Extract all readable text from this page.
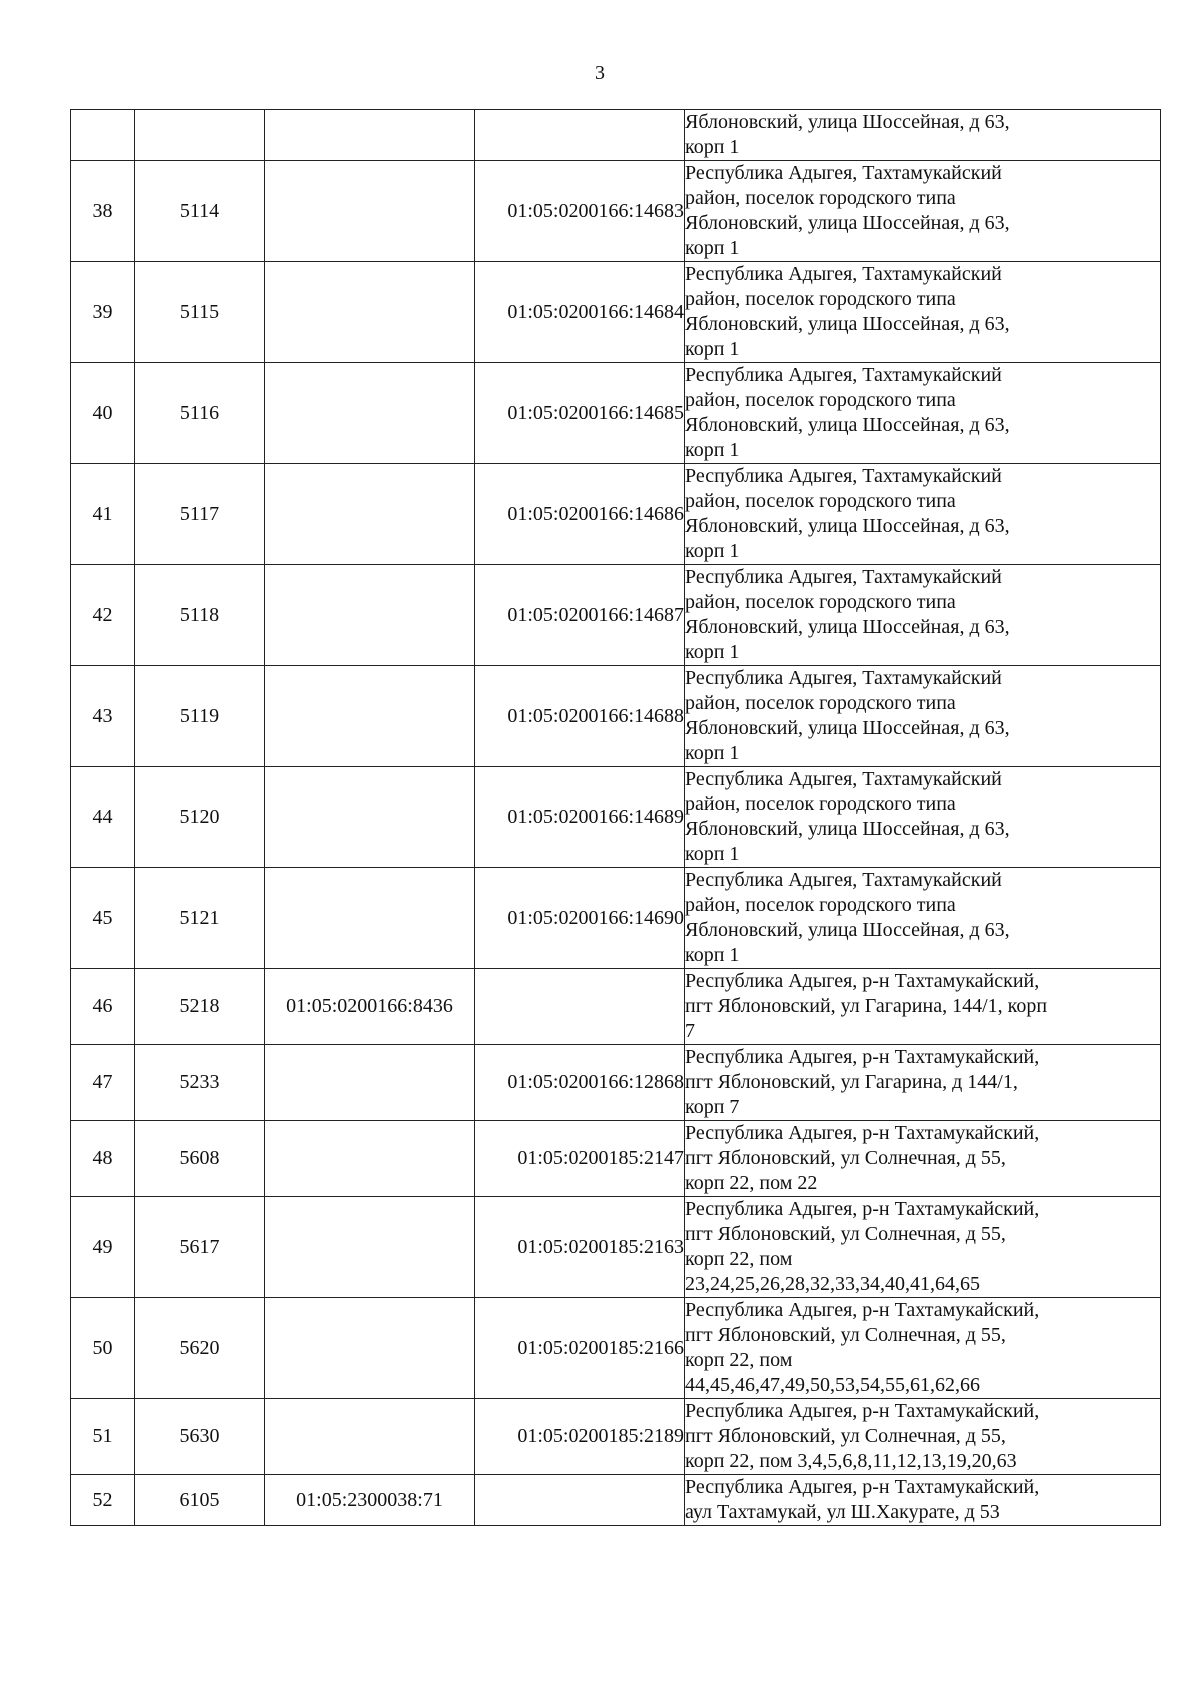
3

				Яблоновский, улица Шоссейная, д 63,
корп 1

38	5114		01:05:0200166:14683	Республика Адыгея, Тахтамукайский
район, поселок городского типа
Яблоновский, улица Шоссейная, д 63,
корп 1

39	5115		01:05:0200166:14684	Республика Адыгея, Тахтамукайский
район, поселок городского типа
Яблоновский, улица Шоссейная, д 63,
корп 1

40	5116		01:05:0200166:14685	Республика Адыгея, Тахтамукайский
район, поселок городского типа
Яблоновский, улица Шоссейная, д 63,
корп 1

41	5117		01:05:0200166:14686	Республика Адыгея, Тахтамукайский
район, поселок городского типа
Яблоновский, улица Шоссейная, д 63,
корп 1

42	5118		01:05:0200166:14687	Республика Адыгея, Тахтамукайский
район, поселок городского типа
Яблоновский, улица Шоссейная, д 63,
корп 1

43	5119		01:05:0200166:14688	Республика Адыгея, Тахтамукайский
район, поселок городского типа
Яблоновский, улица Шоссейная, д 63,
корп 1

44	5120		01:05:0200166:14689	Республика Адыгея, Тахтамукайский
район, поселок городского типа
Яблоновский, улица Шоссейная, д 63,
корп 1

45	5121		01:05:0200166:14690	Республика Адыгея, Тахтамукайский
район, поселок городского типа
Яблоновский, улица Шоссейная, д 63,
корп 1

46	5218	01:05:0200166:8436		Республика Адыгея, р-н Тахтамукайский,
пгт Яблоновский, ул Гагарина, 144/1, корп
7

47	5233		01:05:0200166:12868	Республика Адыгея, р-н Тахтамукайский,
пгт Яблоновский, ул Гагарина, д 144/1,
корп 7

48	5608		01:05:0200185:2147	Республика Адыгея, р-н Тахтамукайский,
пгт Яблоновский, ул Солнечная, д 55,
корп 22, пом 22

49	5617		01:05:0200185:2163	Республика Адыгея, р-н Тахтамукайский,
пгт Яблоновский, ул Солнечная, д 55,
корп 22, пом
23,24,25,26,28,32,33,34,40,41,64,65

50	5620		01:05:0200185:2166	Республика Адыгея, р-н Тахтамукайский,
пгт Яблоновский, ул Солнечная, д 55,
корп 22, пом
44,45,46,47,49,50,53,54,55,61,62,66

51	5630		01:05:0200185:2189	Республика Адыгея, р-н Тахтамукайский,
пгт Яблоновский, ул Солнечная, д 55,
корп 22, пом 3,4,5,6,8,11,12,13,19,20,63

52	6105	01:05:2300038:71		Республика Адыгея, р-н Тахтамукайский,
аул Тахтамукай, ул Ш.Хакурате, д 53
